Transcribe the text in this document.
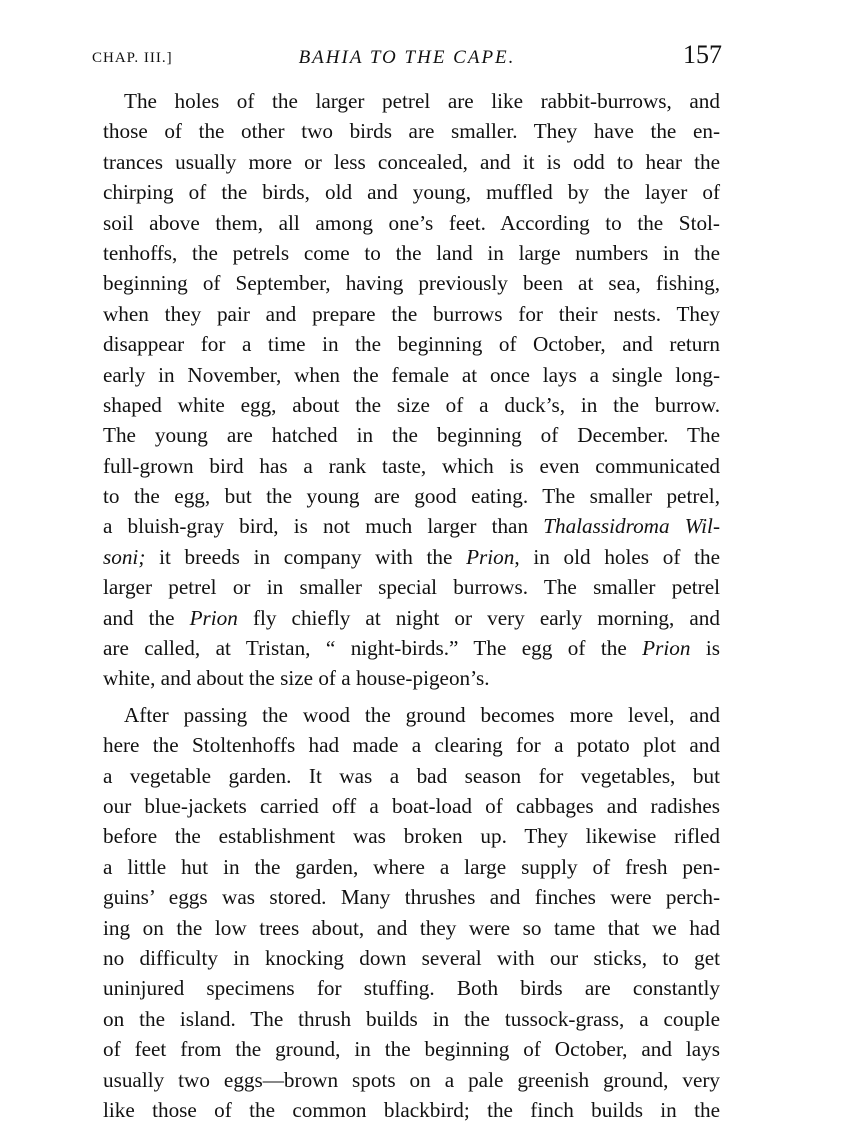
CHAP. III.]	BAHIA TO THE CAPE.	157
The holes of the larger petrel are like rabbit-burrows, and
those of the other two birds are smaller. They have the en-
trances usually more or less concealed, and it is odd to hear the
chirping of the birds, old and young, muffled by the layer of
soil above them, all among one’s feet. According to the Stol-
tenhoffs, the petrels come to the land in large numbers in the
beginning of September, having previously been at sea, fishing,
when they pair and prepare the burrows for their nests. They
disappear for a time in the beginning of October, and return
early in November, when the female at once lays a single long-
shaped white egg, about the size of a duck’s, in the burrow.
The young are hatched in the beginning of December. The
full-grown bird has a rank taste, which is even communicated
to the egg, but the young are good eating. The smaller petrel,
a bluish-gray bird, is not much larger than Thalassidroma Wil-
soni; it breeds in company with the Prion, in old holes of the
larger petrel or in smaller special burrows. The smaller petrel
and the Prion fly chiefly at night or very early morning, and
are called, at Tristan, “ night-birds.” The egg of the Prion is
white, and about the size of a house-pigeon’s.
After passing the wood the ground becomes more level, and
here the Stoltenhoffs had made a clearing for a potato plot and
a vegetable garden. It was a bad season for vegetables, but
our blue-jackets carried off a boat-load of cabbages and radishes
before the establishment was broken up. They likewise rifled
a little hut in the garden, where a large supply of fresh pen-
guins’ eggs was stored. Many thrushes and finches were perch-
ing on the low trees about, and they were so tame that we had
no difficulty in knocking down several with our sticks, to get
uninjured specimens for stuffing. Both birds are constantly
on the island. The thrush builds in the tussock-grass, a couple
of feet from the ground, in the beginning of October, and lays
usually two eggs—brown spots on a pale greenish ground, very
like those of the common blackbird; the finch builds in the
